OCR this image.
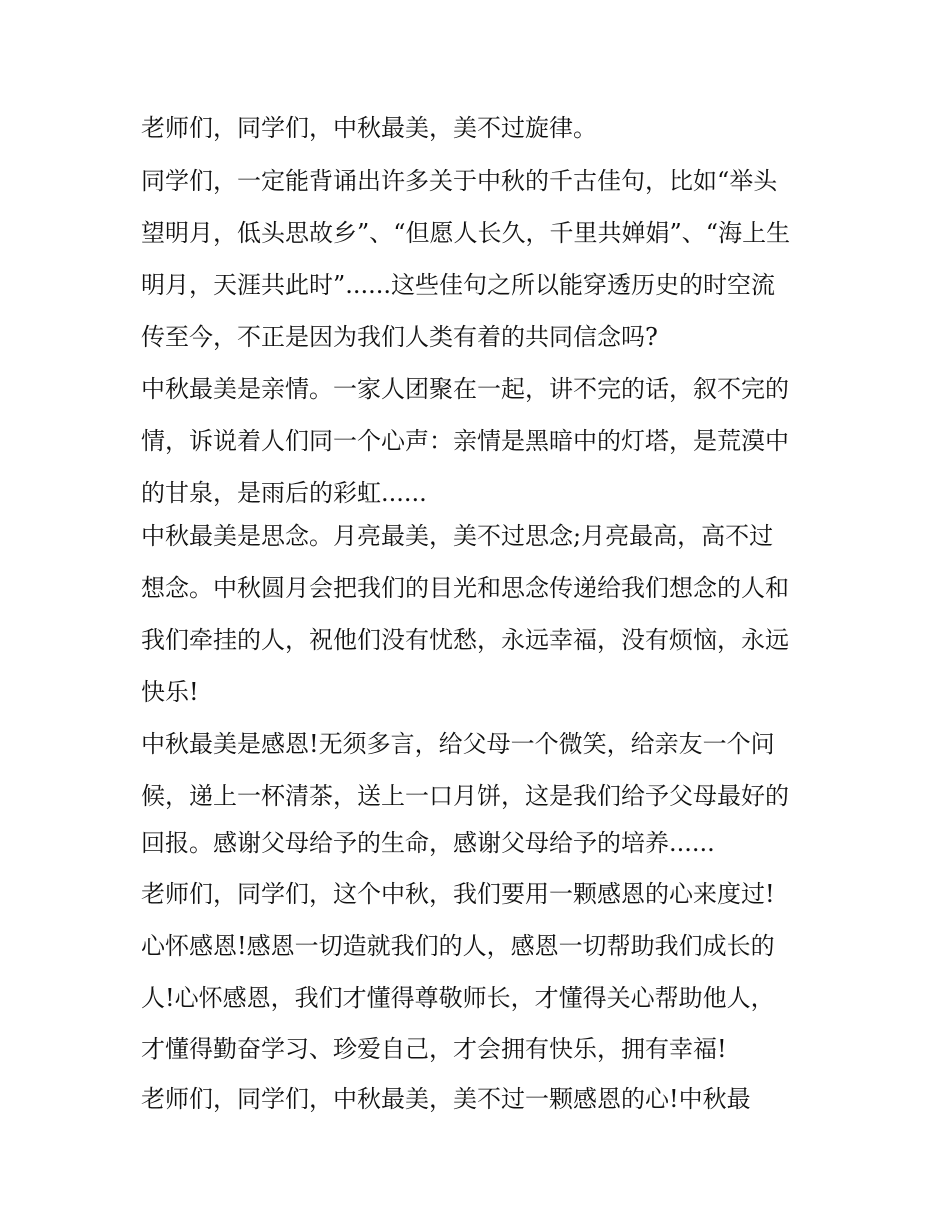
老师们，同学们，中秋最美，美不过旋律。

同学们，一定能背诵出许多关于中秋的千古佳句，比如“举头

望明月，低头思故乡”、“但愿人长久，千里共婵娟”、“海上生

明月，天涯共此时”......这些佳句之所以能穿透历史的时空流

传至今，不正是因为我们人类有着的共同信念吗?

中秋最美是亲情。一家人团聚在一起，讲不完的话，叙不完的

情，诉说着人们同一个心声：亲情是黑暗中的灯塔，是荒漠中

的甘泉，是雨后的彩虹......

中秋最美是思念。月亮最美，美不过思念;月亮最高，高不过

想念。中秋圆月会把我们的目光和思念传递给我们想念的人和

我们牵挂的人，祝他们没有忧愁，永远幸福，没有烦恼，永远

快乐!

中秋最美是感恩!无须多言，给父母一个微笑，给亲友一个问

候，递上一杯清茶，送上一口月饼，这是我们给予父母最好的

回报。感谢父母给予的生命，感谢父母给予的培养......

老师们，同学们，这个中秋，我们要用一颗感恩的心来度过!

心怀感恩!感恩一切造就我们的人，感恩一切帮助我们成长的

人!心怀感恩，我们才懂得尊敬师长，才懂得关心帮助他人，

才懂得勤奋学习、珍爱自己，才会拥有快乐，拥有幸福!

老师们，同学们，中秋最美，美不过一颗感恩的心!中秋最
